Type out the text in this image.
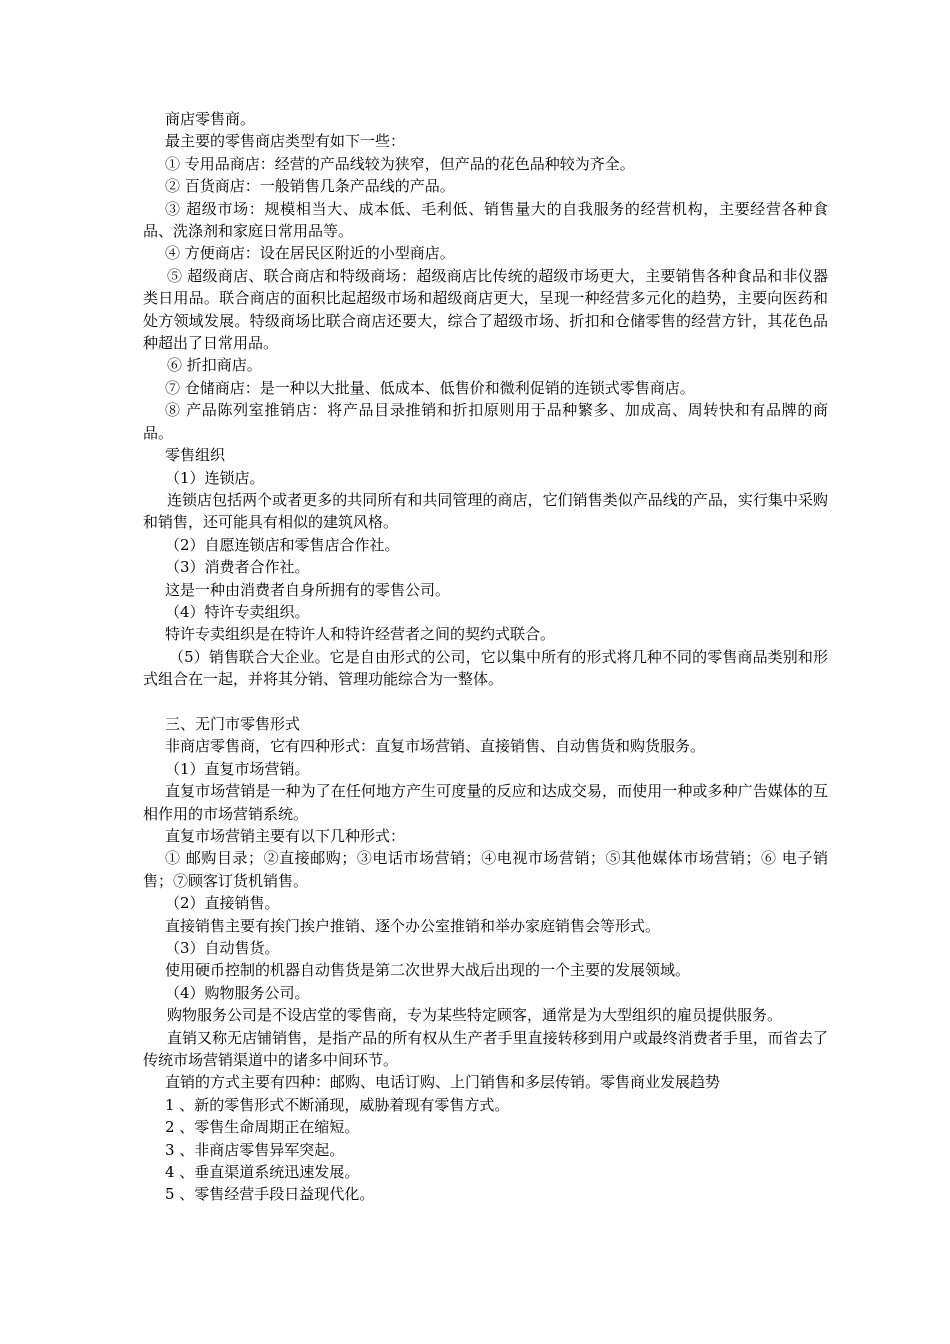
商店零售商。

最主要的零售商店类型有如下一些：

① 专用品商店：经营的产品线较为狭窄，但产品的花色品种较为齐全。

② 百货商店：一般销售几条产品线的产品。

③ 超级市场：规模相当大、成本低、毛利低、销售量大的自我服务的经营机构，主要经营各种食品、洗涤剂和家庭日常用品等。

④ 方便商店：设在居民区附近的小型商店。

⑤ 超级商店、联合商店和特级商场：超级商店比传统的超级市场更大，主要销售各种食品和非仪器类日用品。联合商店的面积比起超级市场和超级商店更大，呈现一种经营多元化的趋势，主要向医药和处方领域发展。特级商场比联合商店还要大，综合了超级市场、折扣和仓储零售的经营方针，其花色品种超出了日常用品。

⑥ 折扣商店。

⑦ 仓储商店：是一种以大批量、低成本、低售价和微利促销的连锁式零售商店。

⑧ 产品陈列室推销店：将产品目录推销和折扣原则用于品种繁多、加成高、周转快和有品牌的商品。

零售组织

（1）连锁店。

连锁店包括两个或者更多的共同所有和共同管理的商店，它们销售类似产品线的产品，实行集中采购和销售，还可能具有相似的建筑风格。

（2）自愿连锁店和零售店合作社。

（3）消费者合作社。

这是一种由消费者自身所拥有的零售公司。

（4）特许专卖组织。

特许专卖组织是在特许人和特许经营者之间的契约式联合。

（5）销售联合大企业。它是自由形式的公司，它以集中所有的形式将几种不同的零售商品类别和形式组合在一起，并将其分销、管理功能综合为一整体。

三、无门市零售形式

非商店零售商，它有四种形式：直复市场营销、直接销售、自动售货和购货服务。

（1）直复市场营销。

直复市场营销是一种为了在任何地方产生可度量的反应和达成交易，而使用一种或多种广告媒体的互相作用的市场营销系统。

直复市场营销主要有以下几种形式：

① 邮购目录；②直接邮购；③电话市场营销；④电视市场营销；⑤其他媒体市场营销；⑥ 电子销售；⑦顾客订货机销售。

（2）直接销售。

直接销售主要有挨门挨户推销、逐个办公室推销和举办家庭销售会等形式。

（3）自动售货。

使用硬币控制的机器自动售货是第二次世界大战后出现的一个主要的发展领域。

（4）购物服务公司。

购物服务公司是不设店堂的零售商，专为某些特定顾客，通常是为大型组织的雇员提供服务。

直销又称无店铺销售，是指产品的所有权从生产者手里直接转移到用户或最终消费者手里，而省去了传统市场营销渠道中的诸多中间环节。

直销的方式主要有四种：邮购、电话订购、上门销售和多层传销。零售商业发展趋势

1 、新的零售形式不断涌现，威胁着现有零售方式。

2 、零售生命周期正在缩短。

3 、非商店零售异军突起。

4 、垂直渠道系统迅速发展。

5 、零售经营手段日益现代化。
